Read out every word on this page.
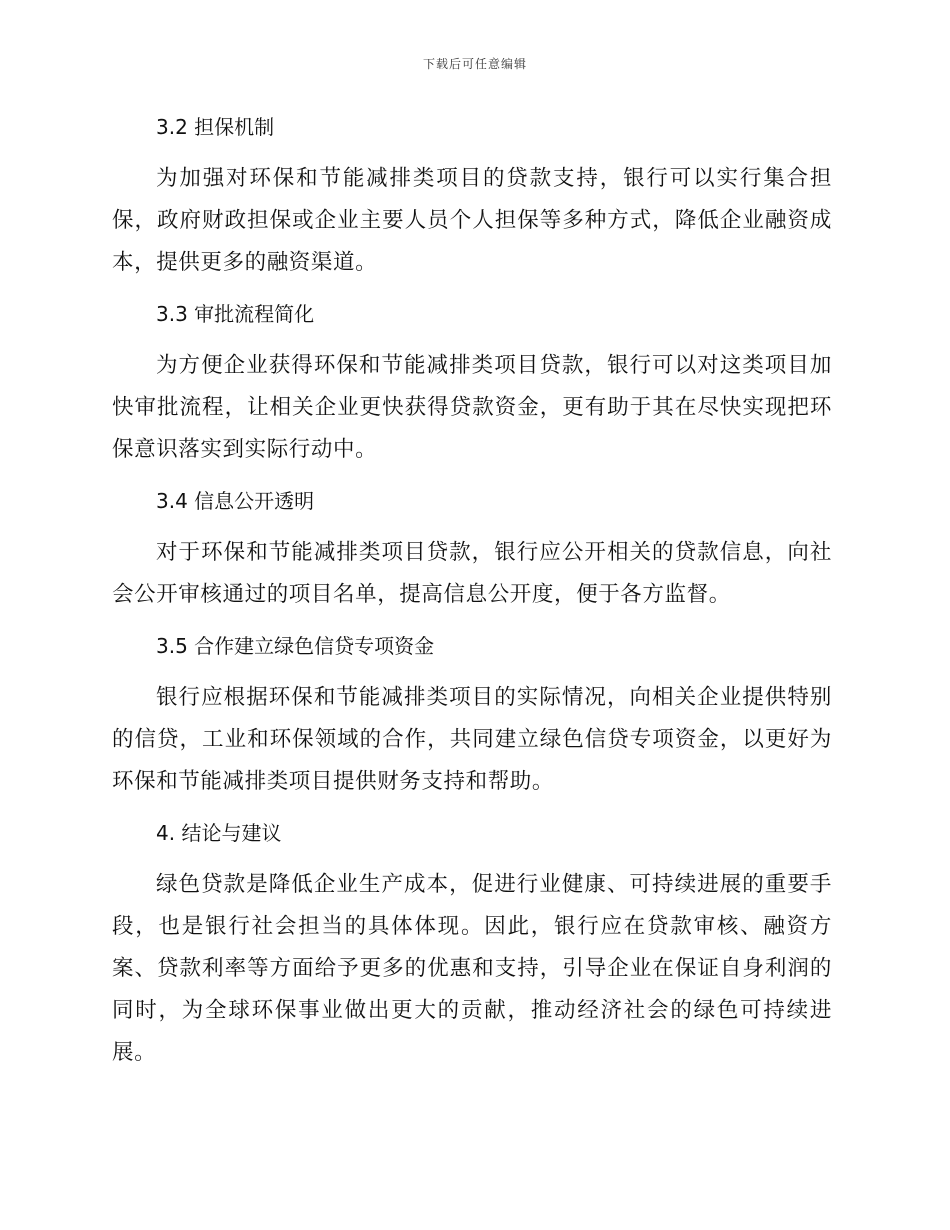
下载后可任意编辑
3.2 担保机制

为加强对环保和节能减排类项目的贷款支持，银行可以实行集合担保，政府财政担保或企业主要人员个人担保等多种方式，降低企业融资成本，提供更多的融资渠道。

3.3 审批流程简化

为方便企业获得环保和节能减排类项目贷款，银行可以对这类项目加快审批流程，让相关企业更快获得贷款资金，更有助于其在尽快实现把环保意识落实到实际行动中。

3.4 信息公开透明

对于环保和节能减排类项目贷款，银行应公开相关的贷款信息，向社会公开审核通过的项目名单，提高信息公开度，便于各方监督。

3.5 合作建立绿色信贷专项资金

银行应根据环保和节能减排类项目的实际情况，向相关企业提供特别的信贷，工业和环保领域的合作，共同建立绿色信贷专项资金，以更好为环保和节能减排类项目提供财务支持和帮助。

4. 结论与建议

绿色贷款是降低企业生产成本，促进行业健康、可持续进展的重要手段，也是银行社会担当的具体体现。因此，银行应在贷款审核、融资方案、贷款利率等方面给予更多的优惠和支持，引导企业在保证自身利润的同时，为全球环保事业做出更大的贡献，推动经济社会的绿色可持续进展。
